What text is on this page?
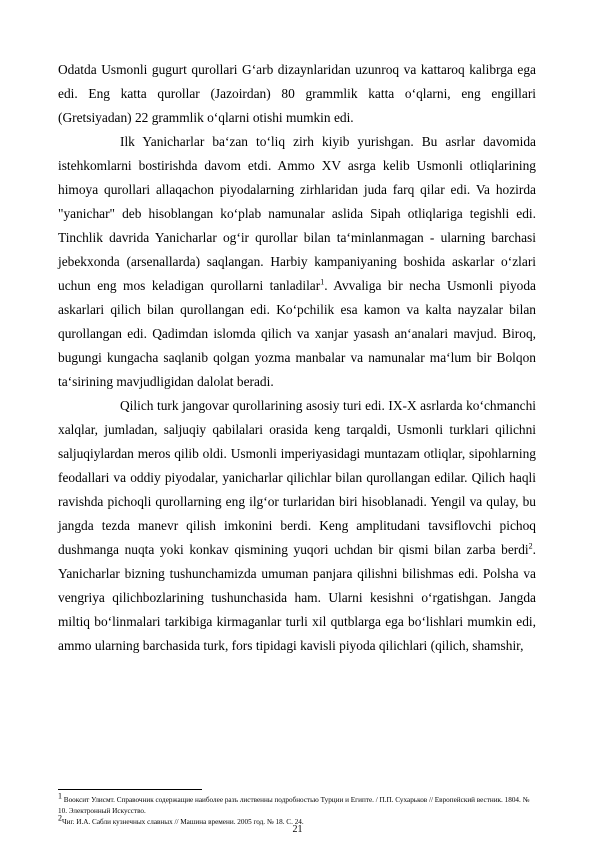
Odatda Usmonli gugurt qurollari G‘arb dizaynlaridan uzunroq va kattaroq kalibrga ega edi. Eng katta qurollar (Jazoirdan) 80 grammlik katta o‘qlarni, eng engillari (Gretsiyadan) 22 grammlik o‘qlarni otishi mumkin edi.

Ilk Yanicharlar ba‘zan to‘liq zirh kiyib yurishgan. Bu asrlar davomida istehkomlarni bostirishda davom etdi. Ammo XV asrga kelib Usmonli otliqlarining himoya qurollari allaqachon piyodalarning zirhlaridan juda farq qilar edi. Va hozirda "yanichar" deb hisoblangan ko‘plab namunalar aslida Sipah otliqlariga tegishli edi. Tinchlik davrida Yanicharlar og‘ir qurollar bilan ta‘minlanmagan - ularning barchasi jebekxonda (arsenallarda) saqlangan. Harbiy kampaniyaning boshida askarlar o‘zlari uchun eng mos keladigan qurollarni tanladilar$^1$. Avvaliga bir necha Usmonli piyoda askarlari qilich bilan qurollangan edi. Ko‘pchilik esa kamon va kalta nayzalar bilan qurollangan edi. Qadimdan islomda qilich va xanjar yasash an‘analari mavjud. Biroq, bugungi kungacha saqlanib qolgan yozma manbalar va namunalar ma‘lum bir Bolqon ta‘sirining mavjudligidan dalolat beradi.

Qilich turk jangovar qurollarining asosiy turi edi. IX-X asrlarda ko‘chmanchi xalqlar, jumladan, saljuqiy qabilalari orasida keng tarqaldi, Usmonli turklari qilichni saljuqiylardan meros qilib oldi. Usmonli imperiyasidagi muntazam otliqlar, sipohlarning feodallari va oddiy piyodalar, yanicharlar qilichlar bilan qurollangan edilar. Qilich haqli ravishda pichoqli qurollarning eng ilg‘or turlaridan biri hisoblanadi. Yengil va qulay, bu jangda tezda manevr qilish imkonini berdi. Keng amplitudani tavsiflovchi pichoq dushmanga nuqta yoki konkav qismining yuqori uchdan bir qismi bilan zarba berdi$^2$. Yanicharlar bizning tushunchamizda umuman panjara qilishni bilishmas edi. Polsha va vengriya qilichbozlarining tushunchasida ham. Ularni kesishni o‘rgatishgan. Jangda miltiq bo‘linmalari tarkibiga kirmaganlar turli xil qutblarga ega bo‘lishlari mumkin edi, ammo ularning barchasida turk, fors tipidagi kavisli piyoda qilichlari (qilich, shamshir,

$^1$ Вооксит Улисмт. Справочник содержащие наиболее разъ лиственны подробностью Турции и Египте. / П.П. Сухарьков // Европейский вестник. 1804. № 10. Электронный Искусство.

$^2$Чиг. И.А. Сабли кузнечных славных // Машина времени. 2005 год. № 18. С. 24.

21
